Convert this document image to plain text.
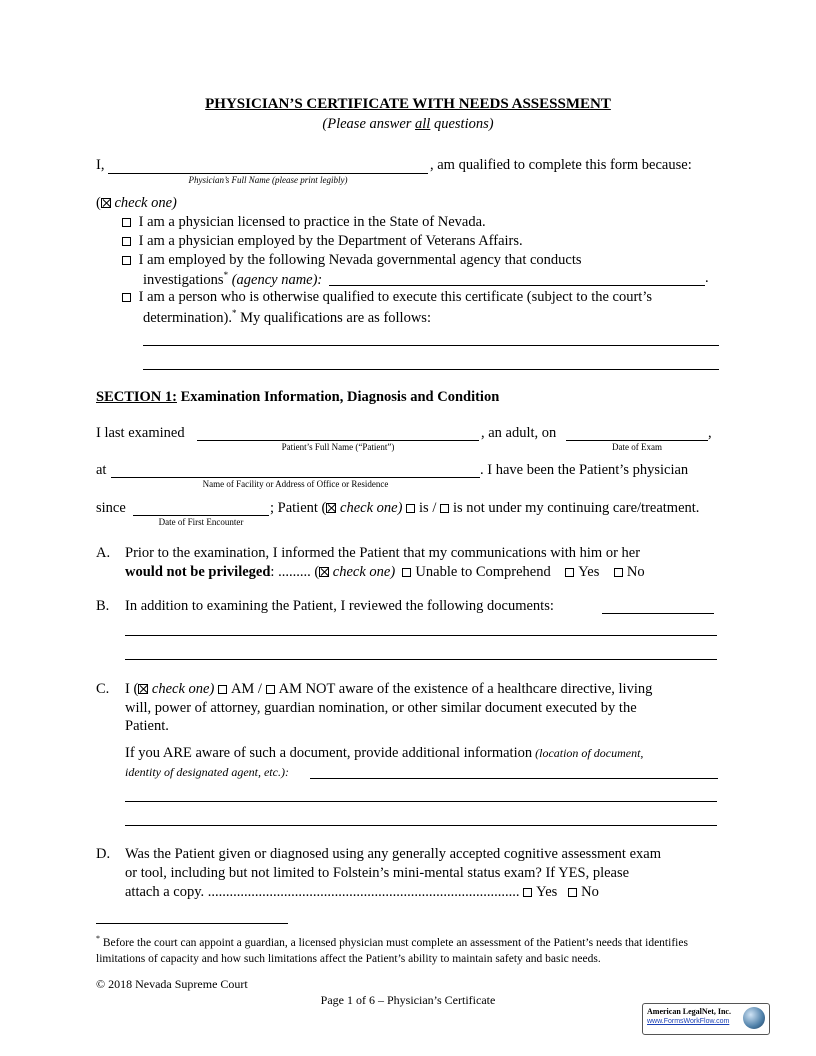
PHYSICIAN’S CERTIFICATE WITH NEEDS ASSESSMENT
(Please answer all questions)
I,	, am qualified to complete this form because:
Physician’s Full Name (please print legibly)
( check one)
I am a physician licensed to practice in the State of Nevada.
I am a physician employed by the Department of Veterans Affairs.
I am employed by the following Nevada governmental agency that conducts
investigations* (agency name):	.
I am a person who is otherwise qualified to execute this certificate (subject to the court’s
determination).* My qualifications are as follows:
SECTION 1: Examination Information, Diagnosis and Condition
I last examined	, an adult, on	,
Patient’s Full Name (“Patient”)	Date of Exam
at	. I have been the Patient’s physician
Name of Facility or Address of Office or Residence
since	; Patient ( check one) is / is not under my continuing care/treatment.
Date of First Encounter
A. Prior to the examination, I informed the Patient that my communications with him or her
would not be privileged: ......... ( check one) Unable to Comprehend Yes No
B. In addition to examining the Patient, I reviewed the following documents:
C. I ( check one) AM / AM NOT aware of the existence of a healthcare directive, living
will, power of attorney, guardian nomination, or other similar document executed by the
Patient.
If you ARE aware of such a document, provide additional information (location of document,
identity of designated agent, etc.):
D. Was the Patient given or diagnosed using any generally accepted cognitive assessment exam
or tool, including but not limited to Folstein’s mini-mental status exam? If YES, please
attach a copy. ...................................................................................... Yes No
* Before the court can appoint a guardian, a licensed physician must complete an assessment of the Patient’s needs that identifies limitations of capacity and how such limitations affect the Patient’s ability to maintain safety and basic needs.
© 2018 Nevada Supreme Court
Page 1 of 6 – Physician’s Certificate
American LegalNet, Inc.
www.FormsWorkFlow.com
